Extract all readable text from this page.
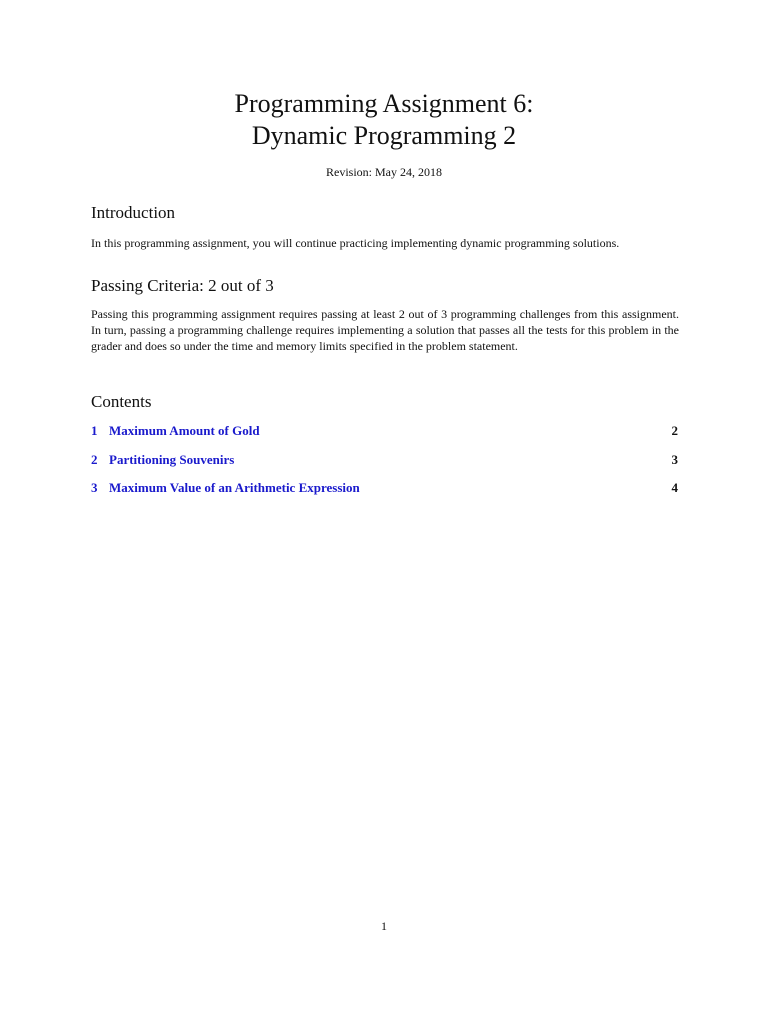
Programming Assignment 6:
Dynamic Programming 2
Revision: May 24, 2018
Introduction

In this programming assignment, you will continue practicing implementing dynamic programming solutions.

Passing Criteria: 2 out of 3

Passing this programming assignment requires passing at least 2 out of 3 programming challenges from this assignment. In turn, passing a programming challenge requires implementing a solution that passes all the tests for this problem in the grader and does so under the time and memory limits specified in the problem statement.

Contents
1 Maximum Amount of Gold	2
2 Partitioning Souvenirs	3
3 Maximum Value of an Arithmetic Expression	4
1
